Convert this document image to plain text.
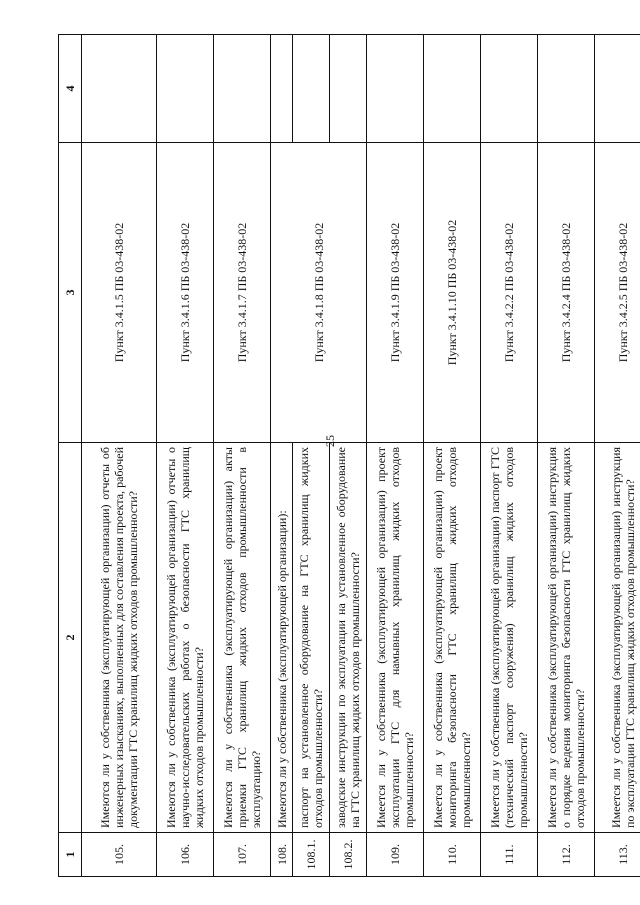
25
1	2	3	4
105.	Имеются ли у собственника (эксплуатирующей организации) отчеты об инженерных изысканиях, выполненных для составления проекта, рабочей документации ГТС хранилищ жидких отходов промышленности?	Пункт 3.4.1.5 ПБ 03-438-02	
106.	Имеются ли у собственника (эксплуатирующей организации) отчеты о научно-исследовательских работах о безопасности ГТС хранилищ жидких отходов промышленности?	Пункт 3.4.1.6 ПБ 03-438-02	
107.	Имеются ли у собственника (эксплуатирующей организации) акты приемки ГТС хранилищ жидких отходов промышленности в эксплуатацию?	Пункт 3.4.1.7 ПБ 03-438-02	
108.	Имеются ли у собственника (эксплуатирующей организации):	Пункт 3.4.1.8 ПБ 03-438-02	
108.1.	паспорт на установленное оборудование на ГТС хранилищ жидких отходов промышленности?		
108.2.	заводские инструкции по эксплуатации на установленное оборудование на ГТС хранилищ жидких отходов промышленности?		
109.	Имеется ли у собственника (эксплуатирующей организации) проект эксплуатации ГТС для намывных хранилищ жидких отходов промышленности?	Пункт 3.4.1.9 ПБ 03-438-02	
110.	Имеется ли у собственника (эксплуатирующей организации) проект мониторинга безопасности ГТС хранилищ жидких отходов промышленности?	Пункт 3.4.1.10 ПБ 03-438-02	
111.	Имеется ли у собственника (эксплуатирующей организации) паспорт ГТС (технический паспорт сооружения) хранилищ жидких отходов промышленности?	Пункт 3.4.2.2 ПБ 03-438-02	
112.	Имеется ли у собственника (эксплуатирующей организации) инструкция о порядке ведения мониторинга безопасности ГТС хранилищ жидких отходов промышленности?	Пункт 3.4.2.4 ПБ 03-438-02	
113.	Имеется ли у собственника (эксплуатирующей организации) инструкция по эксплуатации ГТС хранилищ жидких отходов промышленности?	Пункт 3.4.2.5 ПБ 03-438-02	
